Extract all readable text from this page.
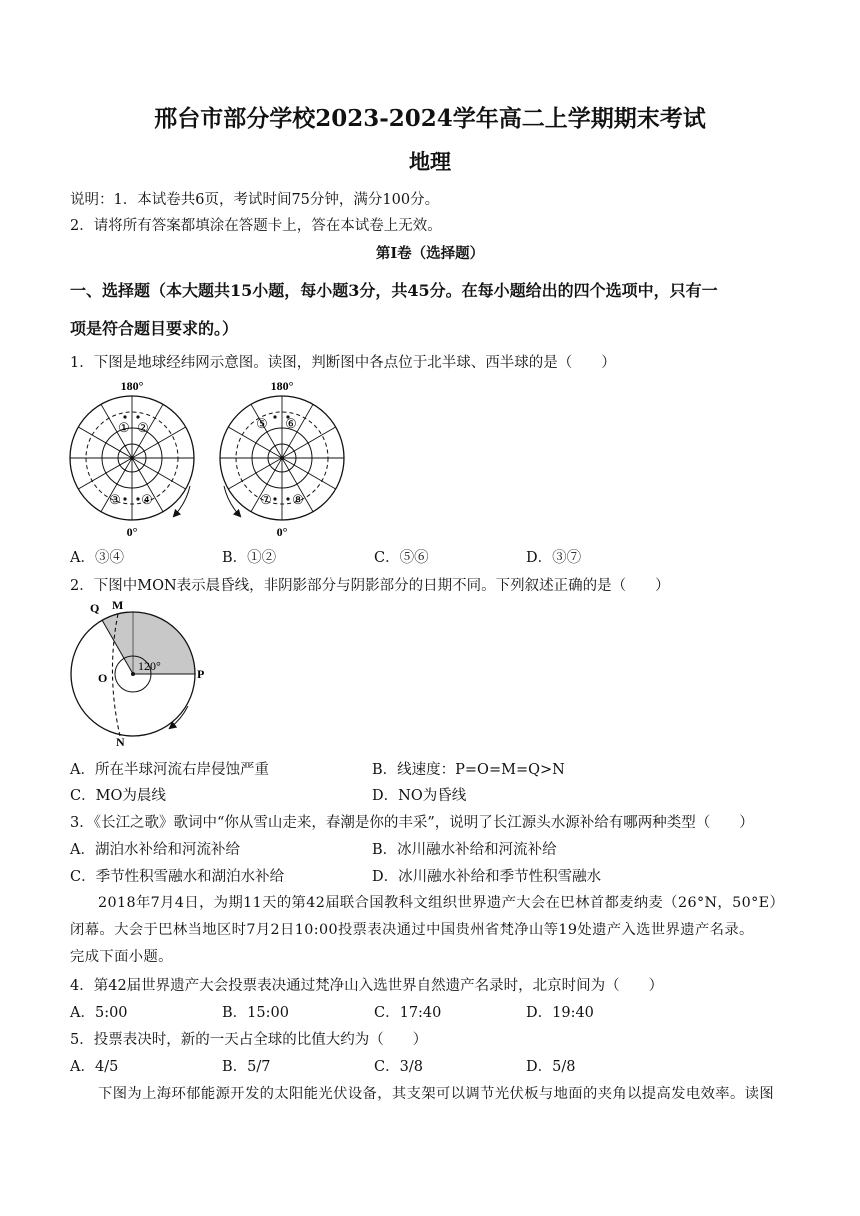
邢台市部分学校2023-2024学年高二上学期期末考试
地理
说明：1．本试卷共6页，考试时间75分钟，满分100分。
2．请将所有答案都填涂在答题卡上，答在本试卷上无效。
第Ⅰ卷（选择题）
一、选择题（本大题共15小题，每小题3分，共45分。在每小题给出的四个选项中，只有一
项是符合题目要求的。）
1．下图是地球经纬网示意图。读图，判断图中各点位于北半球、西半球的是（　　）
180°
0°
① ②
③ ④
180°
0°
⑤ ⑥
⑦ ⑧
A．③④	B．①②	C．⑤⑥	D．③⑦
2．下图中MON表示晨昏线，非阴影部分与阴影部分的日期不同。下列叙述正确的是（　　）
120°
Q M
O	P
N
A．所在半球河流右岸侵蚀严重	B．线速度：P=O=M=Q>N
C．MO为晨线	D．NO为昏线
3．《长江之歌》歌词中“你从雪山走来，春潮是你的丰采”，说明了长江源头水源补给有哪两种类型（　　）
A．湖泊水补给和河流补给	B．冰川融水补给和河流补给
C．季节性积雪融水和湖泊水补给	D．冰川融水补给和季节性积雪融水
2018年7月4日，为期11天的第42届联合国教科文组织世界遗产大会在巴林首都麦纳麦（26°N，50°E）
闭幕。大会于巴林当地区时7月2日10:00投票表决通过中国贵州省梵净山等19处遗产入选世界遗产名录。
完成下面小题。
4．第42届世界遗产大会投票表决通过梵净山入选世界自然遗产名录时，北京时间为（　　）
A．5:00	B．15:00	C．17:40	D．19:40
5．投票表决时，新的一天占全球的比值大约为（　　）
A．4/5	B．5/7	C．3/8	D．5/8
下图为上海环郁能源开发的太阳能光伏设备，其支架可以调节光伏板与地面的夹角以提高发电效率。读图
